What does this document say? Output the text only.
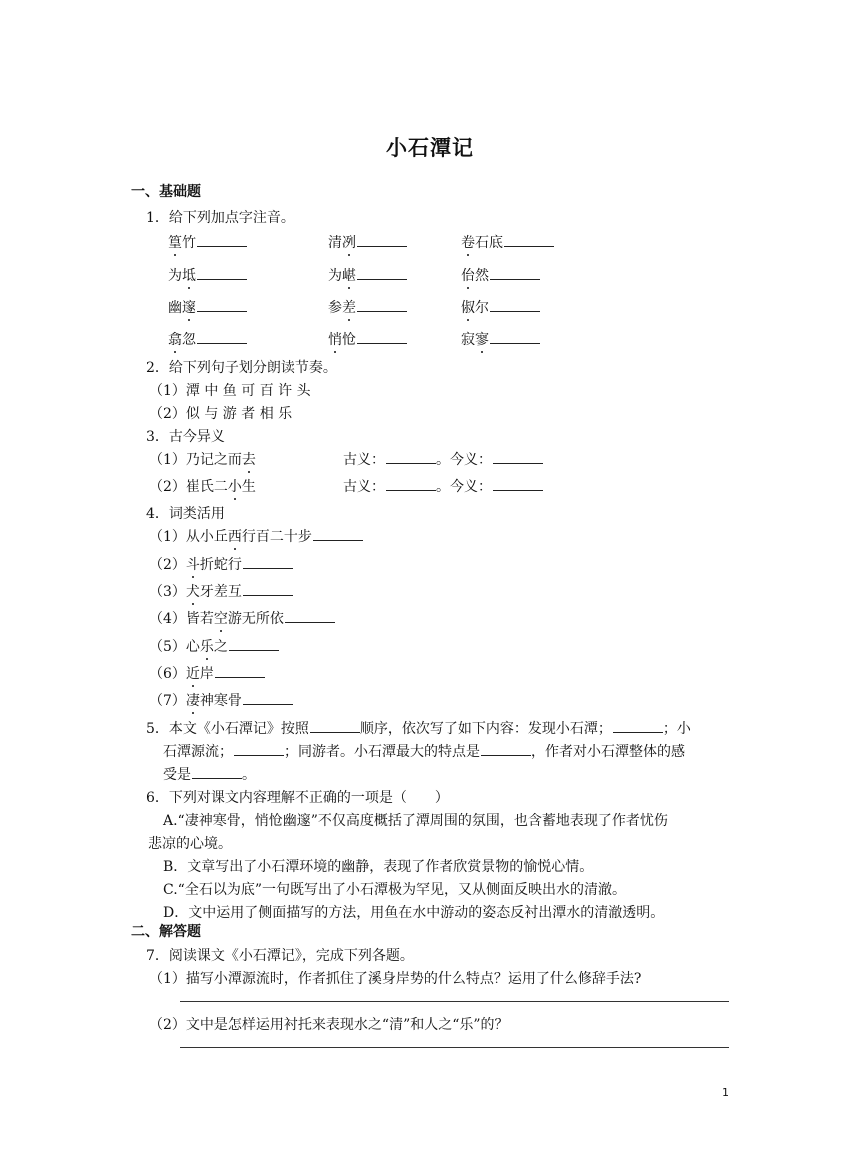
小石潭记
一、基础题
1．给下列加点字注音。
篁竹	清冽	卷石底
为坻	为嵁	佁然
幽邃	参差	俶尔
翕忽	悄怆	寂寥
2．给下列句子划分朗读节奏。
（1）潭 中 鱼 可 百 许 头
（2）似 与 游 者 相 乐
3．古今异义
（1）乃记之而去	古义：	。今义：
（2）崔氏二小生	古义：	。今义：
4．词类活用
（1）从小丘西行百二十步
（2）斗折蛇行
（3）犬牙差互
（4）皆若空游无所依
（5）心乐之
（6）近岸
（7）凄神寒骨
5．本文《小石潭记》按照	顺序，依次写了如下内容：发现小石潭；	；小
石潭源流；	；同游者。小石潭最大的特点是	，作者对小石潭整体的感
受是	。
6．下列对课文内容理解不正确的一项是（　　）
A.“凄神寒骨，悄怆幽邃”不仅高度概括了潭周围的氛围，也含蓄地表现了作者忧伤
悲凉的心境。
B．文章写出了小石潭环境的幽静，表现了作者欣赏景物的愉悦心情。
C.“全石以为底”一句既写出了小石潭极为罕见，又从侧面反映出水的清澈。
D．文中运用了侧面描写的方法，用鱼在水中游动的姿态反衬出潭水的清澈透明。
二、解答题
7．阅读课文《小石潭记》，完成下列各题。
（1）描写小潭源流时，作者抓住了溪身岸势的什么特点？运用了什么修辞手法?
（2）文中是怎样运用衬托来表现水之“清”和人之“乐”的？
1
